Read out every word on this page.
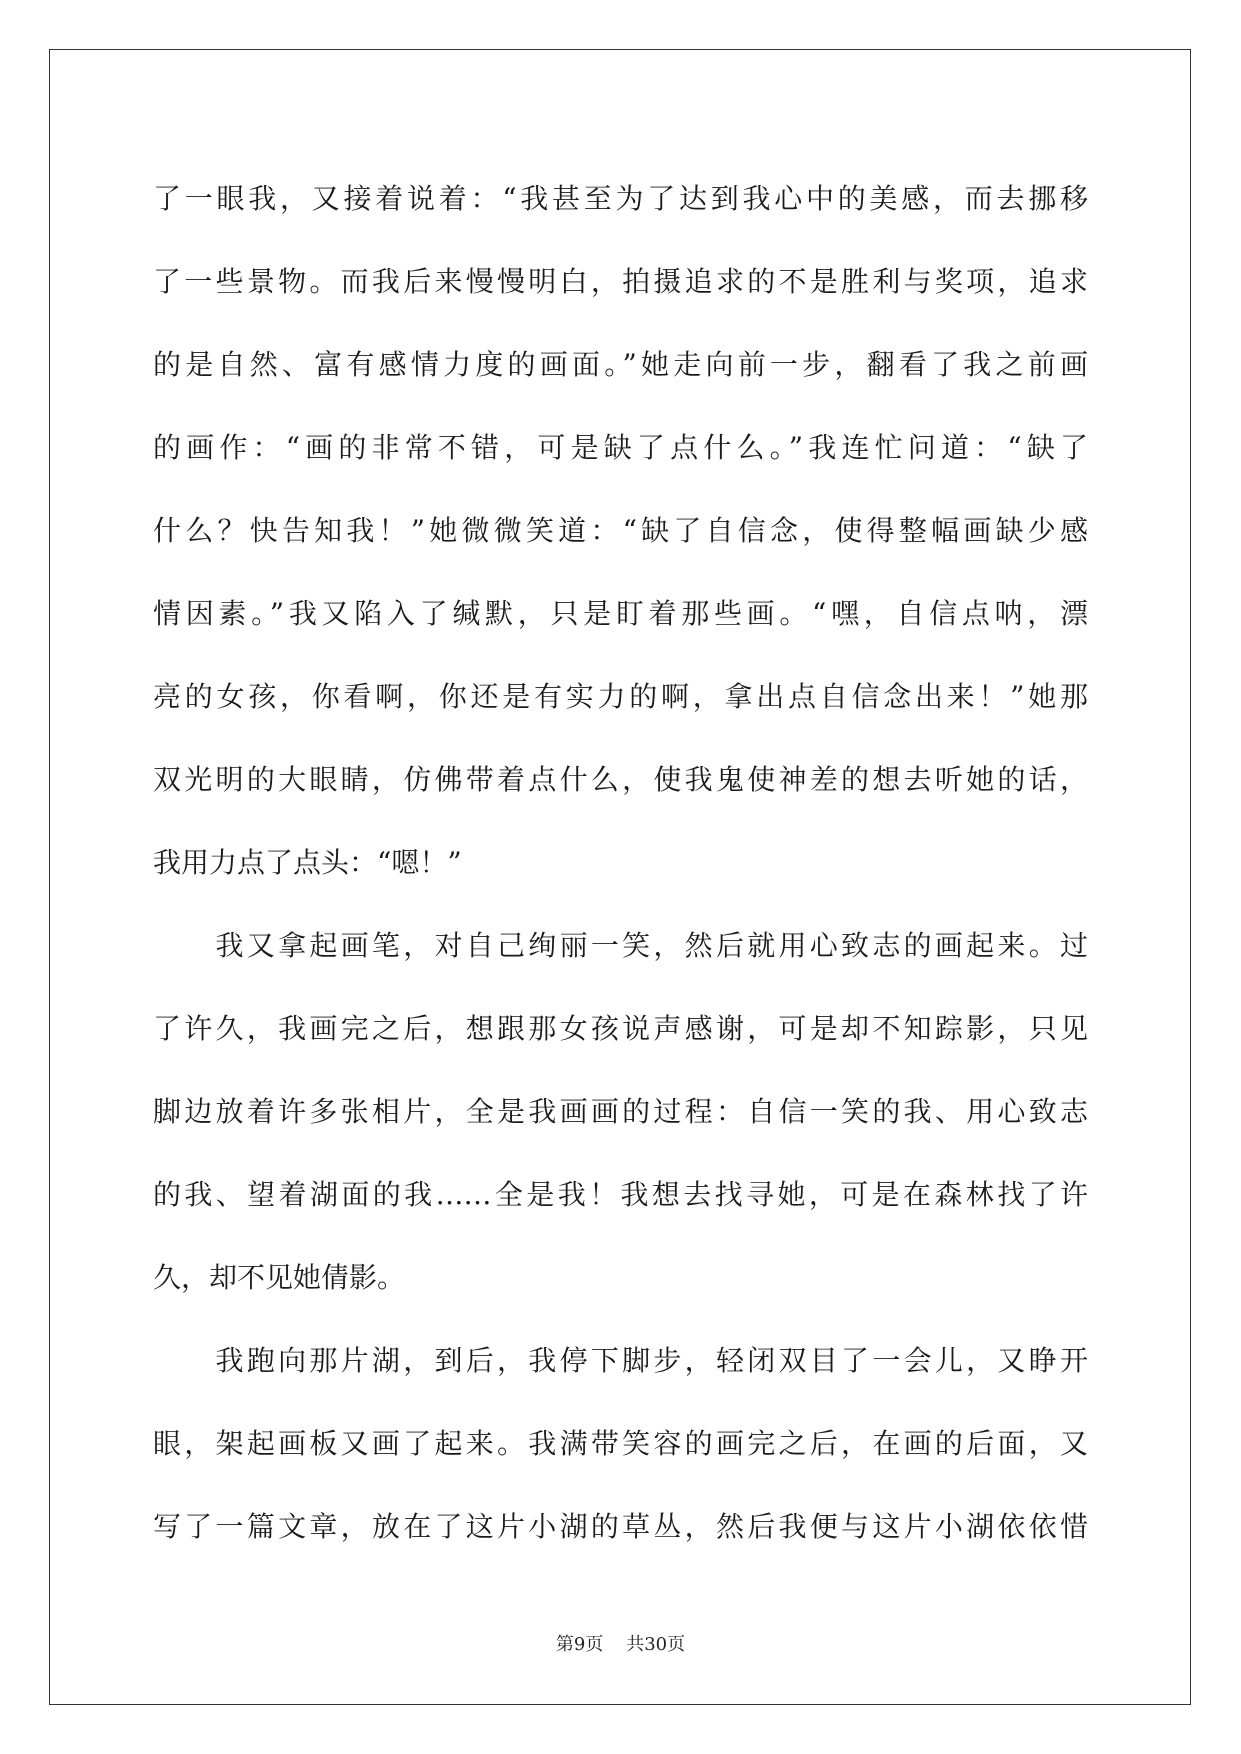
了一眼我，又接着说着：“我甚至为了达到我心中的美感，而去挪移
了一些景物。而我后来慢慢明白，拍摄追求的不是胜利与奖项，追求
的是自然、富有感情力度的画面。”她走向前一步，翻看了我之前画
的画作：“画的非常不错，可是缺了点什么。”我连忙问道：“缺了
什么？快告知我！”她微微笑道：“缺了自信念，使得整幅画缺少感
情因素。”我又陷入了缄默，只是盯着那些画。“嘿，自信点呐，漂
亮的女孩，你看啊，你还是有实力的啊，拿出点自信念出来！”她那
双光明的大眼睛，仿佛带着点什么，使我鬼使神差的想去听她的话，
我用力点了点头：“嗯！”
　　我又拿起画笔，对自己绚丽一笑，然后就用心致志的画起来。过
了许久，我画完之后，想跟那女孩说声感谢，可是却不知踪影，只见
脚边放着许多张相片，全是我画画的过程：自信一笑的我、用心致志
的我、望着湖面的我……全是我！我想去找寻她，可是在森林找了许
久，却不见她倩影。
　　我跑向那片湖，到后，我停下脚步，轻闭双目了一会儿，又睁开
眼，架起画板又画了起来。我满带笑容的画完之后，在画的后面，又
写了一篇文章，放在了这片小湖的草丛，然后我便与这片小湖依依惜
第9页 共30页
